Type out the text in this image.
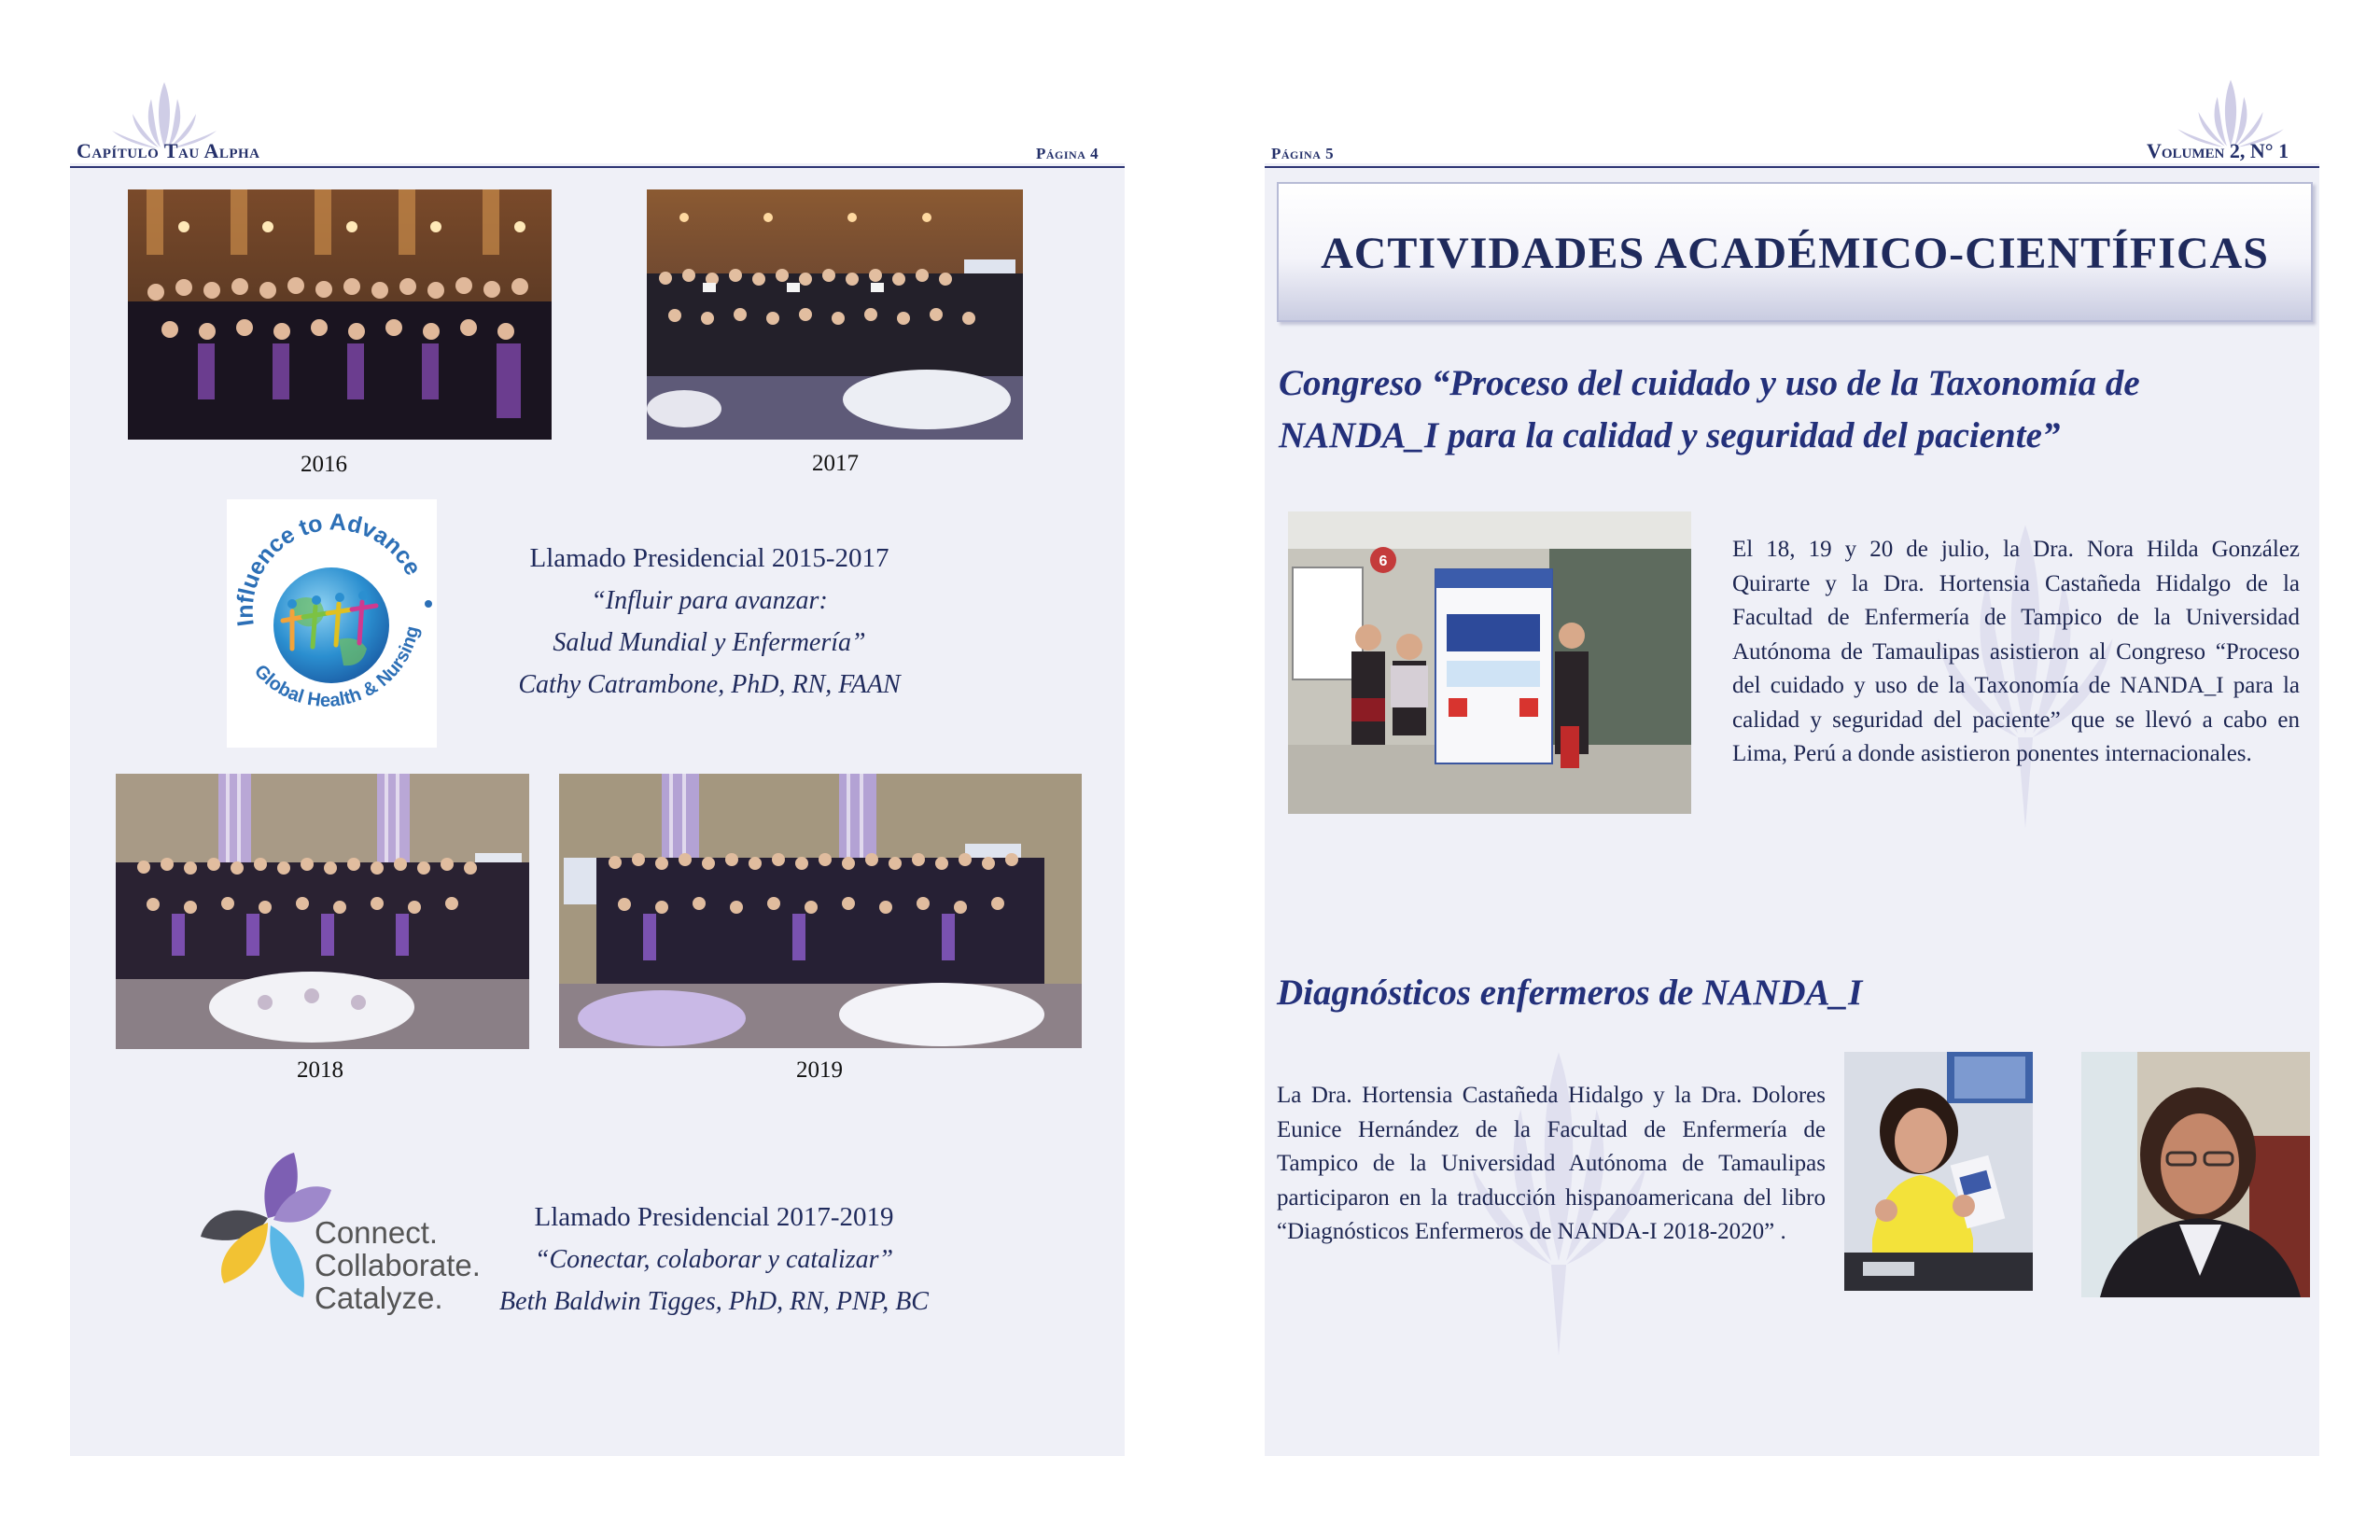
Capítulo Tau Alpha	Página 4
2016	2017
Influence to Advance
Global Health & Nursing
Llamado Presidencial 2015-2017
“Influir para avanzar:
Salud Mundial y Enfermería”
Cathy Catrambone, PhD, RN, FAAN
2018	2019
Connect.
Collaborate.
Catalyze.
Llamado Presidencial 2017-2019
“Conectar, colaborar y catalizar”
Beth Baldwin Tigges, PhD, RN, PNP, BC
Página 5	Volumen 2, N° 1
ACTIVIDADES ACADÉMICO-CIENTÍFICAS
Congreso “Proceso del cuidado y uso de la Taxonomía de
NANDA_I para la calidad y seguridad del paciente”
6	El 18, 19 y 20 de julio, la Dra. Nora Hilda González Quirarte y la Dra. Hortensia Castañeda Hidalgo de la Facultad de Enfermería de Tampico de la Universidad Autónoma de Tamaulipas asistieron al Congreso “Proceso del cuidado y uso de la Taxonomía de NANDA_I para la calidad y seguridad del paciente” que se llevó a cabo en Lima, Perú a donde asistieron ponentes internacionales.
Diagnósticos enfermeros de NANDA_I
La Dra. Hortensia Castañeda Hidalgo y la Dra. Dolores Eunice Hernández de la Facultad de Enfermería de Tampico de la Universidad Autónoma de Tamaulipas participaron en la traducción hispanoamericana del libro “Diagnósticos Enfermeros de NANDA-I 2018-2020” .
